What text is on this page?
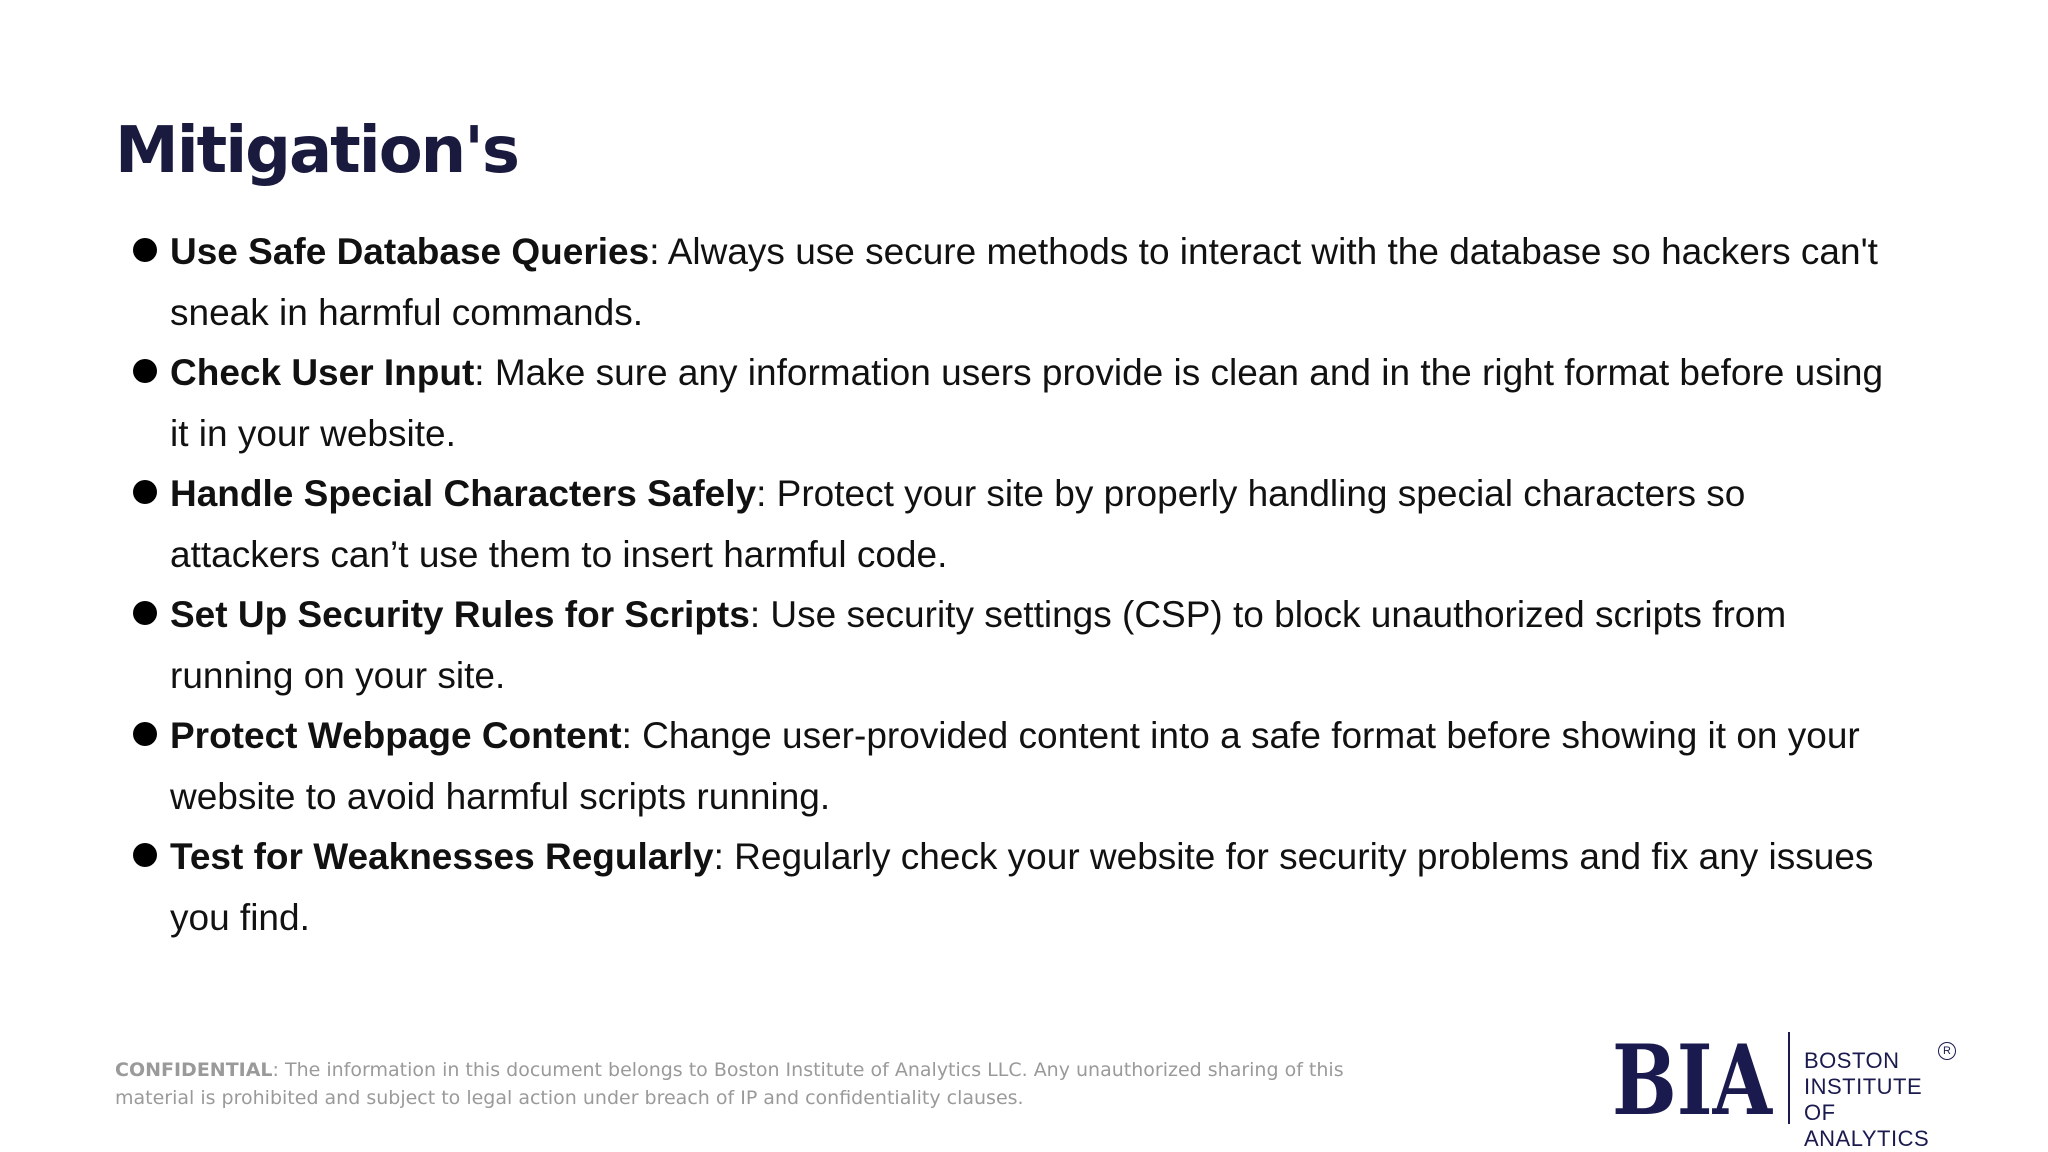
Mitigation's
Use Safe Database Queries: Always use secure methods to interact with the database so hackers can't sneak in harmful commands.
Check User Input: Make sure any information users provide is clean and in the right format before using it in your website.
Handle Special Characters Safely: Protect your site by properly handling special characters so attackers can’t use them to insert harmful code.
Set Up Security Rules for Scripts: Use security settings (CSP) to block unauthorized scripts from running on your site.
Protect Webpage Content: Change user-provided content into a safe format before showing it on your website to avoid harmful scripts running.
Test for Weaknesses Regularly: Regularly check your website for security problems and fix any issues you find.
CONFIDENTIAL: The information in this document belongs to Boston Institute of Analytics LLC. Any unauthorized sharing of this material is prohibited and subject to legal action under breach of IP and confidentiality clauses.	BIA BOSTON
INSTITUTE OF
ANALYTICS
R
